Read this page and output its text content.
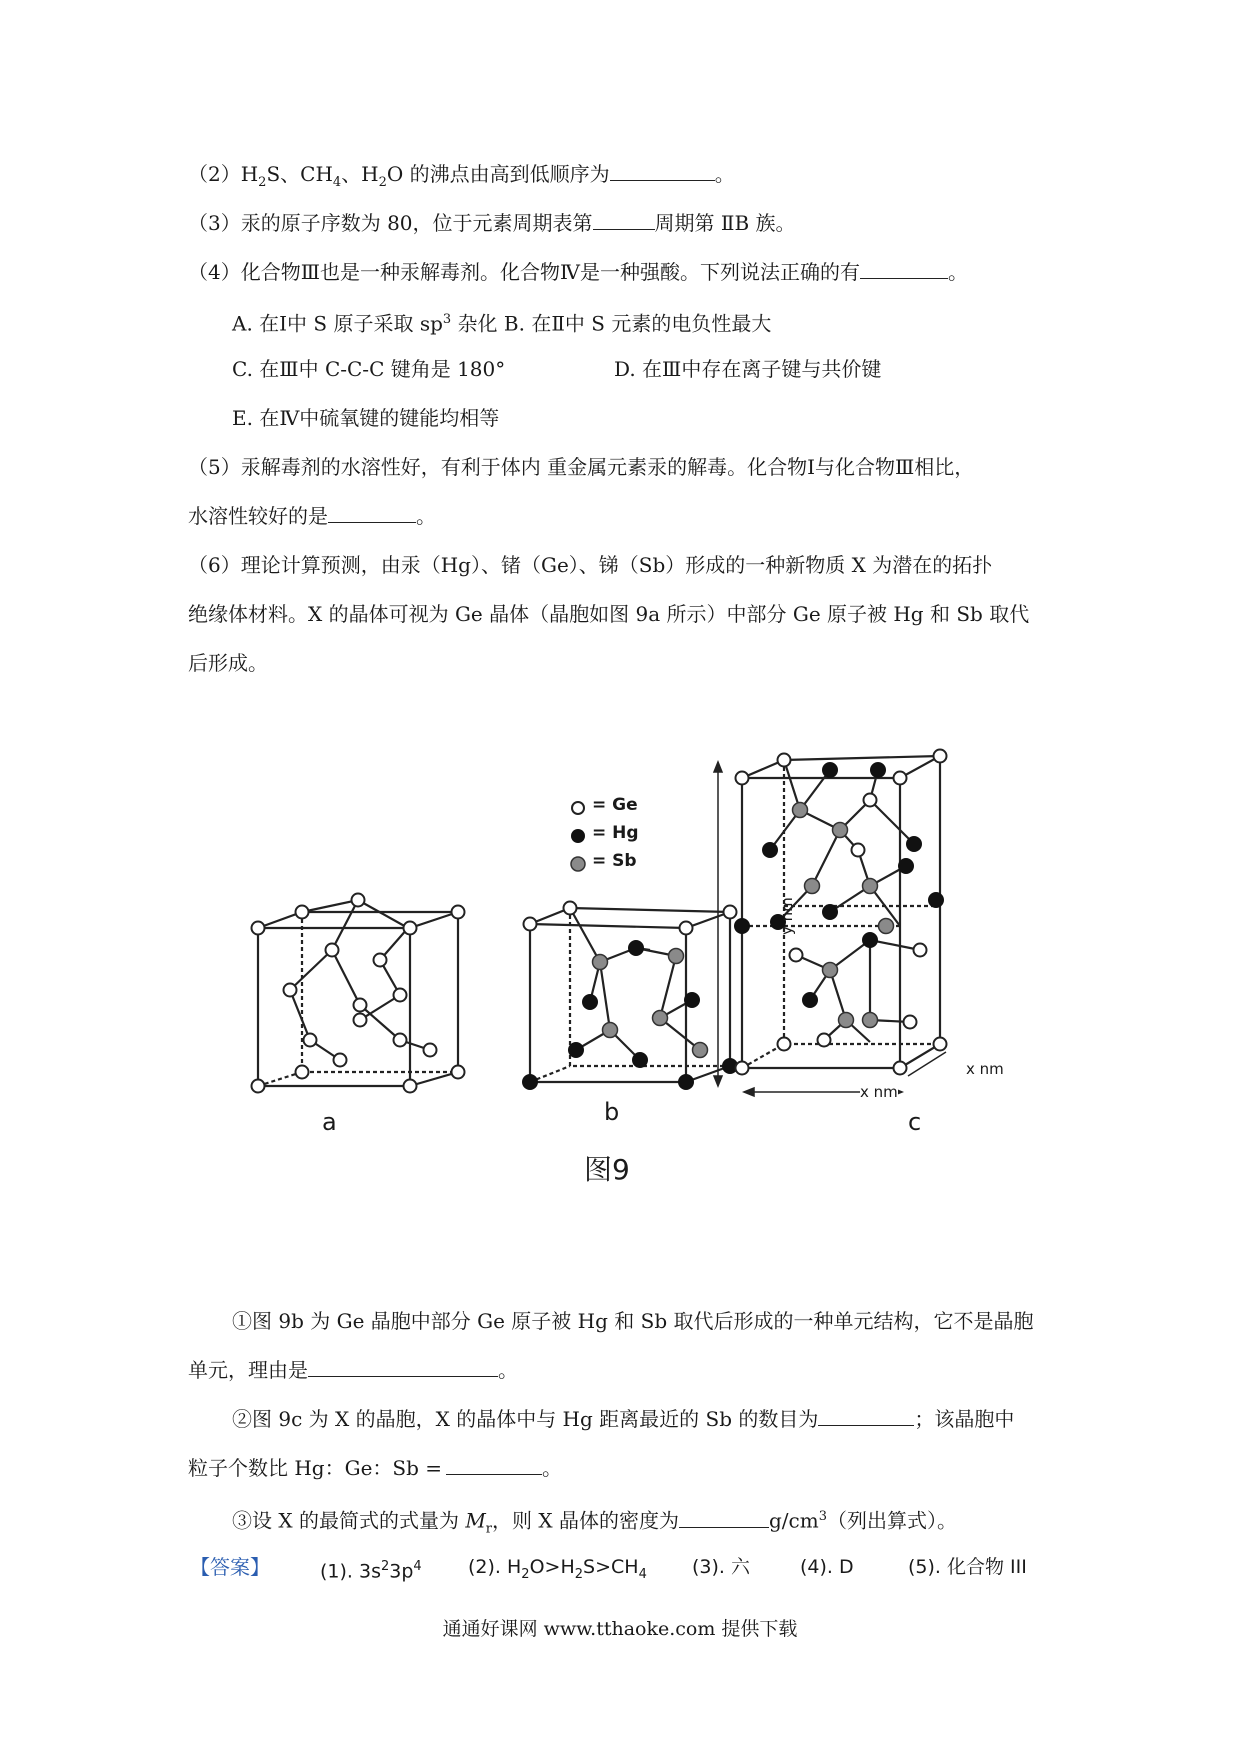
$(2)H_2S$、$CH_4$、$H_2O$ 的沸点由高到低顺序为	。
（3）汞的原子序数为 80，位于元素周期表第	周期第 ⅡB 族。
（4）化合物Ⅲ也是一种汞解毒剂。化合物Ⅳ是一种强酸。下列说法正确的有	。
A. 在Ⅰ中 S 原子采取 $sp^3$ 杂化 B. 在Ⅱ中 S 元素的电负性最大
C. 在Ⅲ中 C-C-C 键角是 180°	D. 在Ⅲ中存在离子键与共价键
E. 在Ⅳ中硫氧键的键能均相等
（5）汞解毒剂的水溶性好，有利于体内 重金属元素汞的解毒。化合物Ⅰ与化合物Ⅲ相比，
水溶性较好的是	。
（6）理论计算预测，由汞（Hg）、锗（Ge）、锑（Sb）形成的一种新物质 X 为潜在的拓扑
绝缘体材料。X 的晶体可视为 Ge 晶体（晶胞如图 9a 所示）中部分 Ge 原子被 Hg 和 Sb 取代
后形成。
= Ge
= Hg
= Sb
y nm
x nm
x nm
a	b	c
图9
①图 9b 为 Ge 晶胞中部分 Ge 原子被 Hg 和 Sb 取代后形成的一种单元结构，它不是晶胞
单元，理由是	。
②图 9c 为 X 的晶胞，X 的晶体中与 Hg 距离最近的 Sb 的数目为	；该晶胞中
粒子个数比 Hg：Ge：Sb =	。
③设 X 的最简式的式量为 $M_r$，则 X 晶体的密度为	$g/cm^3$（列出算式）。
【答案】	(1). $3s^23p^4$ (2). $H_2O>H_2S>CH_4$ (3). 六	(4). D	(5). 化合物 III
通通好课网 www.tthaoke.com 提供下载
